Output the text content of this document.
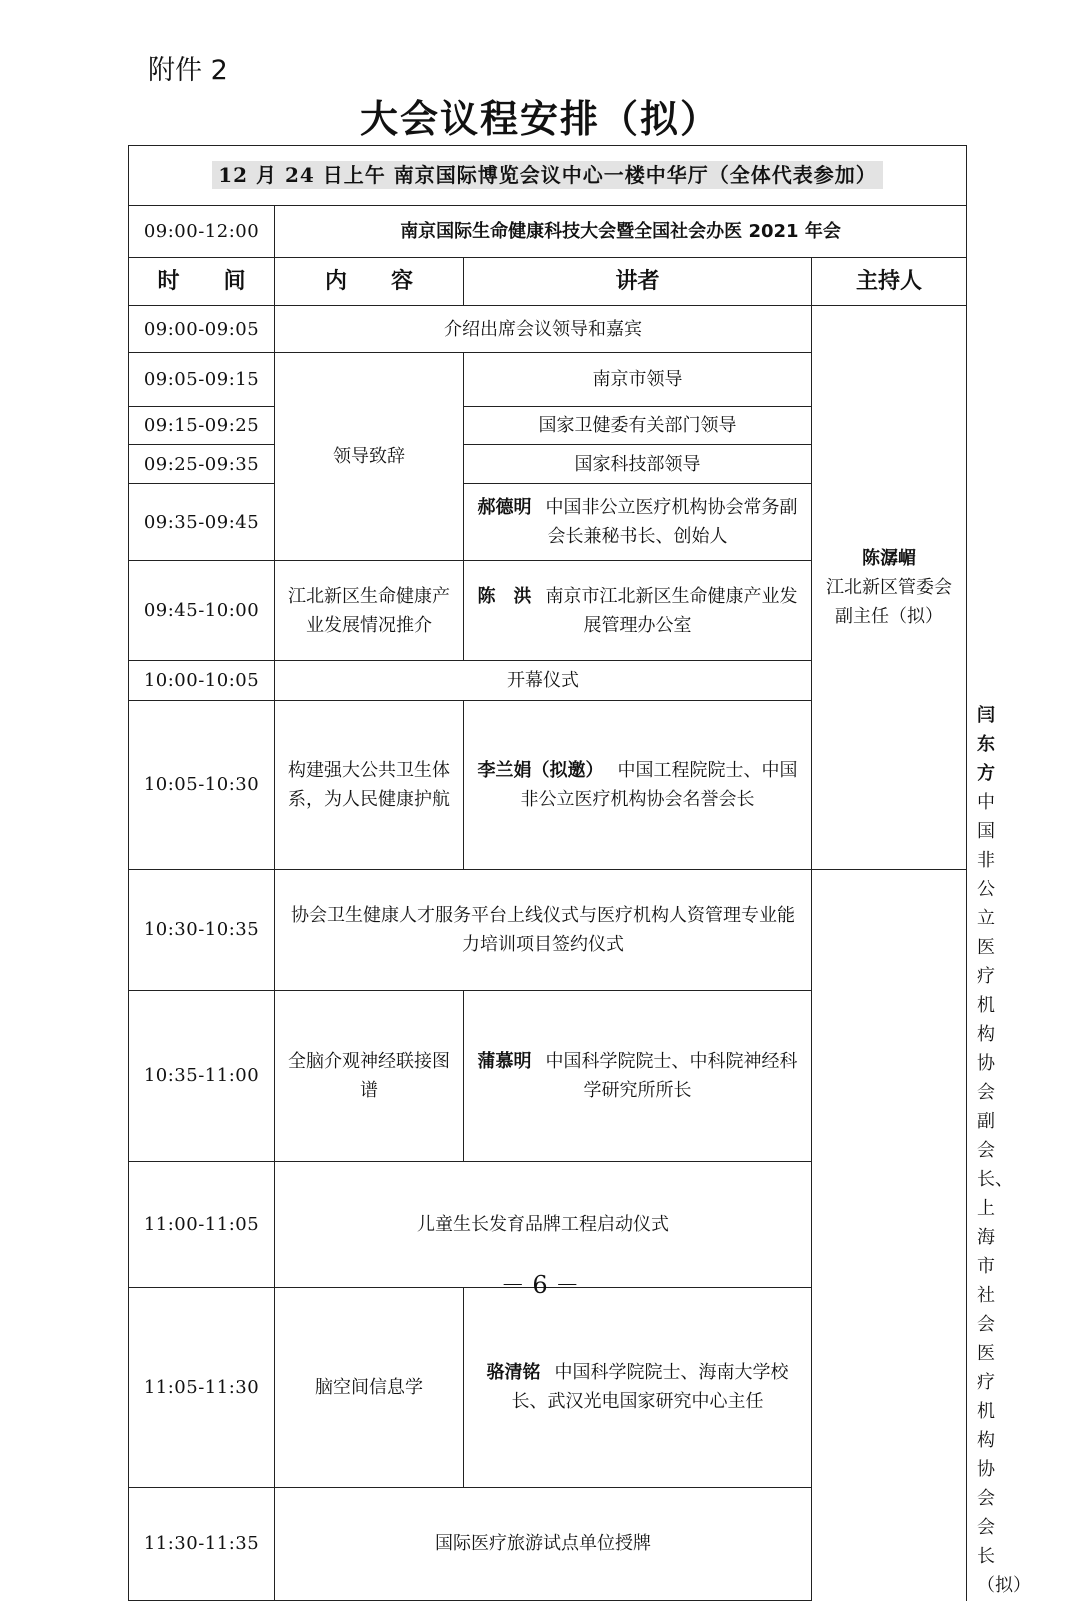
附件 2
大会议程安排（拟）
12 月 24 日上午 南京国际博览会议中心一楼中华厅（全体代表参加）				
09:00-12:00	南京国际生命健康科技大会暨全国社会办医 2021 年会			
时　　间	内　　容	讲者	主持人	
09:00-09:05	介绍出席会议领导和嘉宾		陈潺嵋
江北新区管委会副主任（拟）	

09:05-09:15	领导致辞	南京市领导		
09:15-09:25		国家卫健委有关部门领导		
09:25-09:35		国家科技部领导		
09:35-09:45		郝德明 中国非公立医疗机构协会常务副会长兼秘书长、创始人		
09:45-10:00	江北新区生命健康产业发展情况推介	陈　洪 南京市江北新区生命健康产业发展管理办公室		
10:00-10:05	开幕仪式			
10:05-10:30	构建强大公共卫生体系，为人民健康护航	李兰娟（拟邀） 中国工程院院士、中国非公立医疗机构协会名誉会长		闫东方
中国非公立医疗机构协会副会长、上海市社会医疗机构协会会长（拟）

10:30-10:35	协会卫生健康人才服务平台上线仪式与医疗机构人资管理专业能力培训项目签约仪式			
10:35-11:00	全脑介观神经联接图谱	蒲慕明 中国科学院院士、中科院神经科学研究所所长		
11:00-11:05	儿童生长发育品牌工程启动仪式			
11:05-11:30	脑空间信息学	骆清铭 中国科学院院士、海南大学校长、武汉光电国家研究中心主任		
11:30-11:35	国际医疗旅游试点单位授牌			
－ 6 －
